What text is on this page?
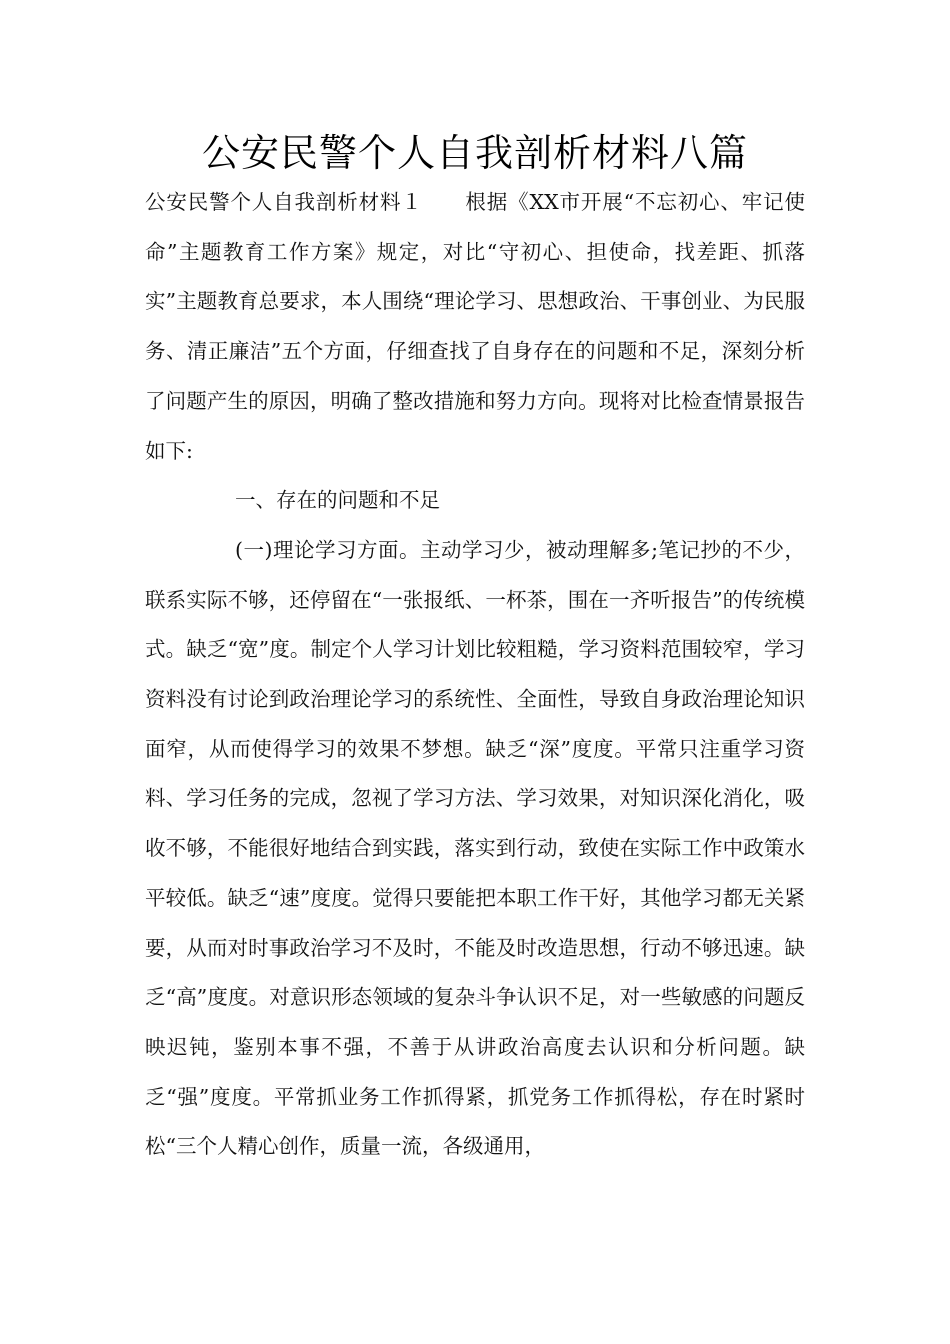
公安民警个人自我剖析材料八篇

公安民警个人自我剖析材料１　　根据《XX市开展“不忘初心、牢记使命”主题教育工作方案》规定，对比“守初心、担使命，找差距、抓落实”主题教育总要求，本人围绕“理论学习、思想政治、干事创业、为民服务、清正廉洁”五个方面，仔细查找了自身存在的问题和不足，深刻分析了问题产生的原因，明确了整改措施和努力方向。现将对比检查情景报告如下:

一、存在的问题和不足

(一)理论学习方面。主动学习少，被动理解多;笔记抄的不少，联系实际不够，还停留在“一张报纸、一杯茶，围在一齐听报告”的传统模式。缺乏“宽”度。制定个人学习计划比较粗糙，学习资料范围较窄，学习资料没有讨论到政治理论学习的系统性、全面性，导致自身政治理论知识面窄，从而使得学习的效果不梦想。缺乏“深”度度。平常只注重学习资料、学习任务的完成，忽视了学习方法、学习效果，对知识深化消化，吸收不够，不能很好地结合到实践，落实到行动，致使在实际工作中政策水平较低。缺乏“速”度度。觉得只要能把本职工作干好，其他学习都无关紧要，从而对时事政治学习不及时，不能及时改造思想，行动不够迅速。缺乏“高”度度。对意识形态领域的复杂斗争认识不足，对一些敏感的问题反映迟钝，鉴别本事不强，不善于从讲政治高度去认识和分析问题。缺乏“强”度度。平常抓业务工作抓得紧，抓党务工作抓得松，存在时紧时松“三个人精心创作，质量一流，各级通用，
